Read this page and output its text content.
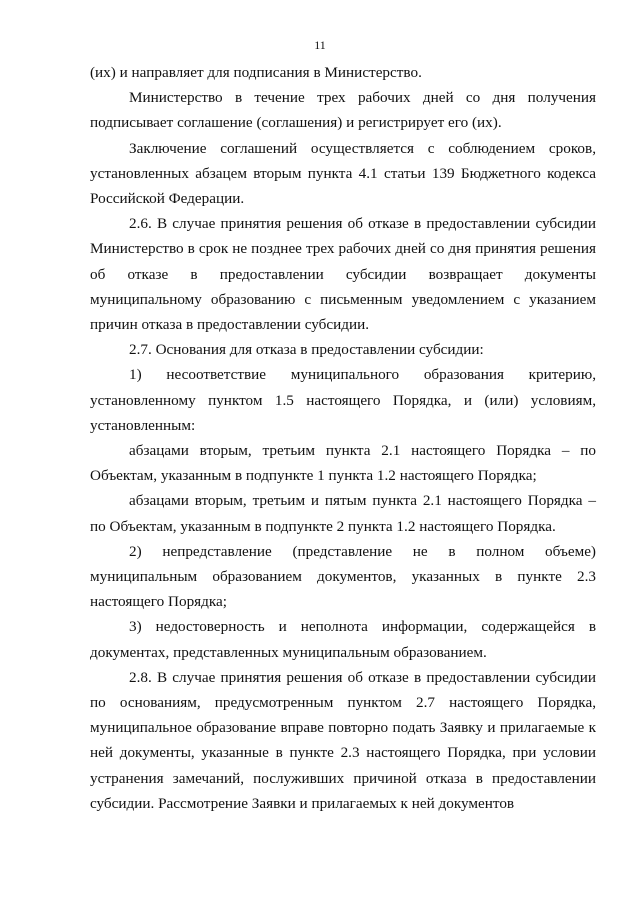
11

(их) и направляет для подписания в Министерство.

Министерство в течение трех рабочих дней со дня получения подписывает соглашение (соглашения) и регистрирует его (их).

Заключение соглашений осуществляется с соблюдением сроков, установленных абзацем вторым пункта 4.1 статьи 139 Бюджетного кодекса Российской Федерации.

2.6. В случае принятия решения об отказе в предоставлении субсидии Министерство в срок не позднее трех рабочих дней со дня принятия решения об отказе в предоставлении субсидии возвращает документы муниципальному образованию с письменным уведомлением с указанием причин отказа в предоставлении субсидии.

2.7. Основания для отказа в предоставлении субсидии:

1) несоответствие муниципального образования критерию, установленному пунктом 1.5 настоящего Порядка, и (или) условиям, установленным:

абзацами вторым, третьим пункта 2.1 настоящего Порядка – по Объектам, указанным в подпункте 1 пункта 1.2 настоящего Порядка;

абзацами вторым, третьим и пятым пункта 2.1 настоящего Порядка – по Объектам, указанным в подпункте 2 пункта 1.2 настоящего Порядка.

2) непредставление (представление не в полном объеме) муниципальным образованием документов, указанных в пункте 2.3 настоящего Порядка;

3) недостоверность и неполнота информации, содержащейся в документах, представленных муниципальным образованием.

2.8. В случае принятия решения об отказе в предоставлении субсидии по основаниям, предусмотренным пунктом 2.7 настоящего Порядка, муниципальное образование вправе повторно подать Заявку и прилагаемые к ней документы, указанные в пункте 2.3 настоящего Порядка, при условии устранения замечаний, послуживших причиной отказа в предоставлении субсидии. Рассмотрение Заявки и прилагаемых к ней документов
